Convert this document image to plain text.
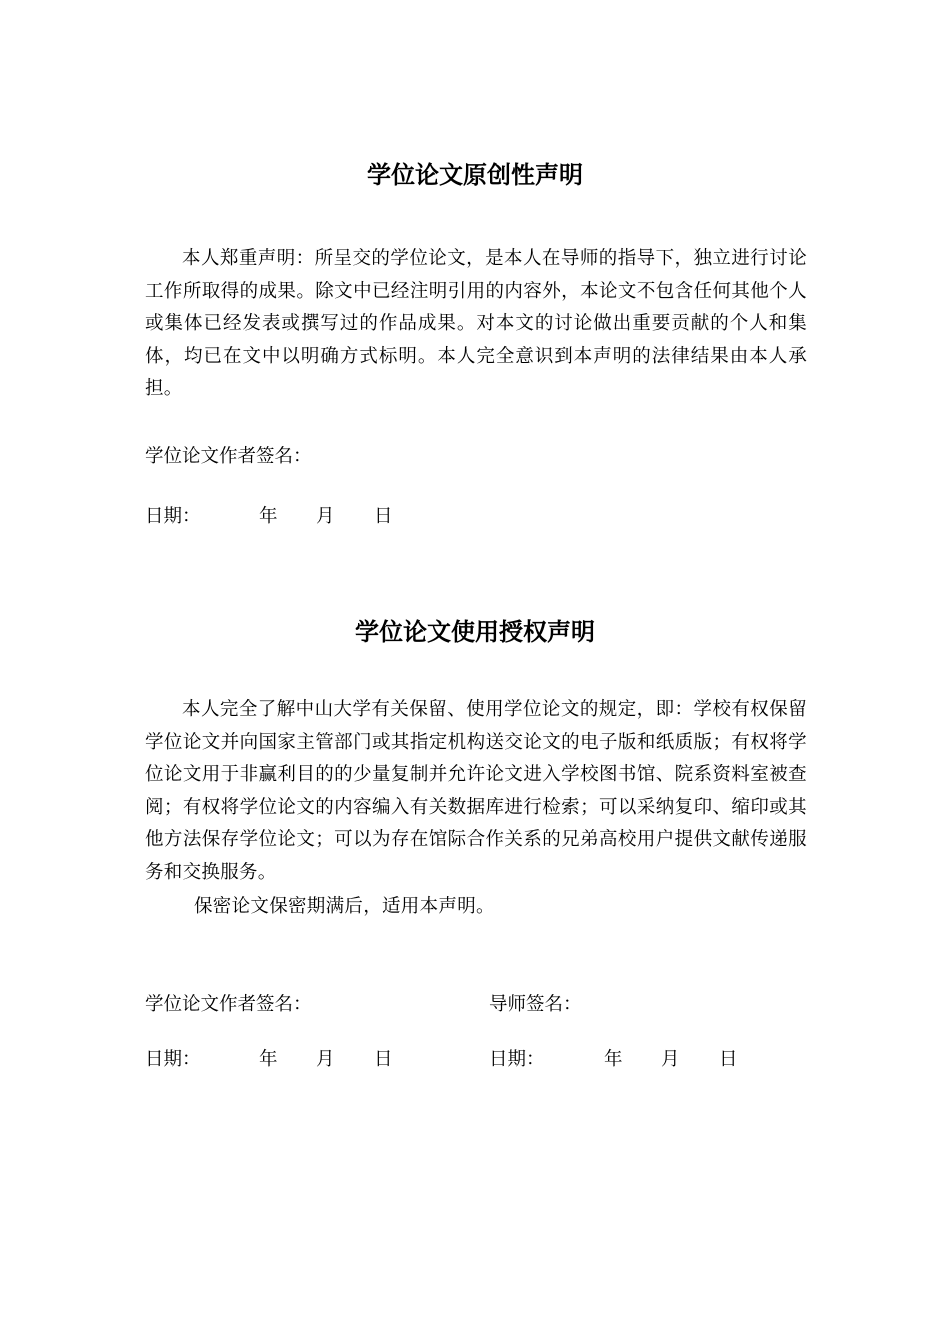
学位论文原创性声明

本人郑重声明：所呈交的学位论文，是本人在导师的指导下，独立进行讨论工作所取得的成果。除文中已经注明引用的内容外，本论文不包含任何其他个人或集体已经发表或撰写过的作品成果。对本文的讨论做出重要贡献的个人和集体，均已在文中以明确方式标明。本人完全意识到本声明的法律结果由本人承担。

学位论文作者签名：

日期：	年 月 日
学位论文使用授权声明

本人完全了解中山大学有关保留、使用学位论文的规定，即：学校有权保留学位论文并向国家主管部门或其指定机构送交论文的电子版和纸质版；有权将学位论文用于非赢利目的的少量复制并允许论文进入学校图书馆、院系资料室被查阅；有权将学位论文的内容编入有关数据库进行检索；可以采纳复印、缩印或其他方法保存学位论文；可以为存在馆际合作关系的兄弟高校用户提供文献传递服务和交换服务。

保密论文保密期满后，适用本声明。

学位论文作者签名：	导师签名：

日期：	年 月 日	日期：	年 月 日
